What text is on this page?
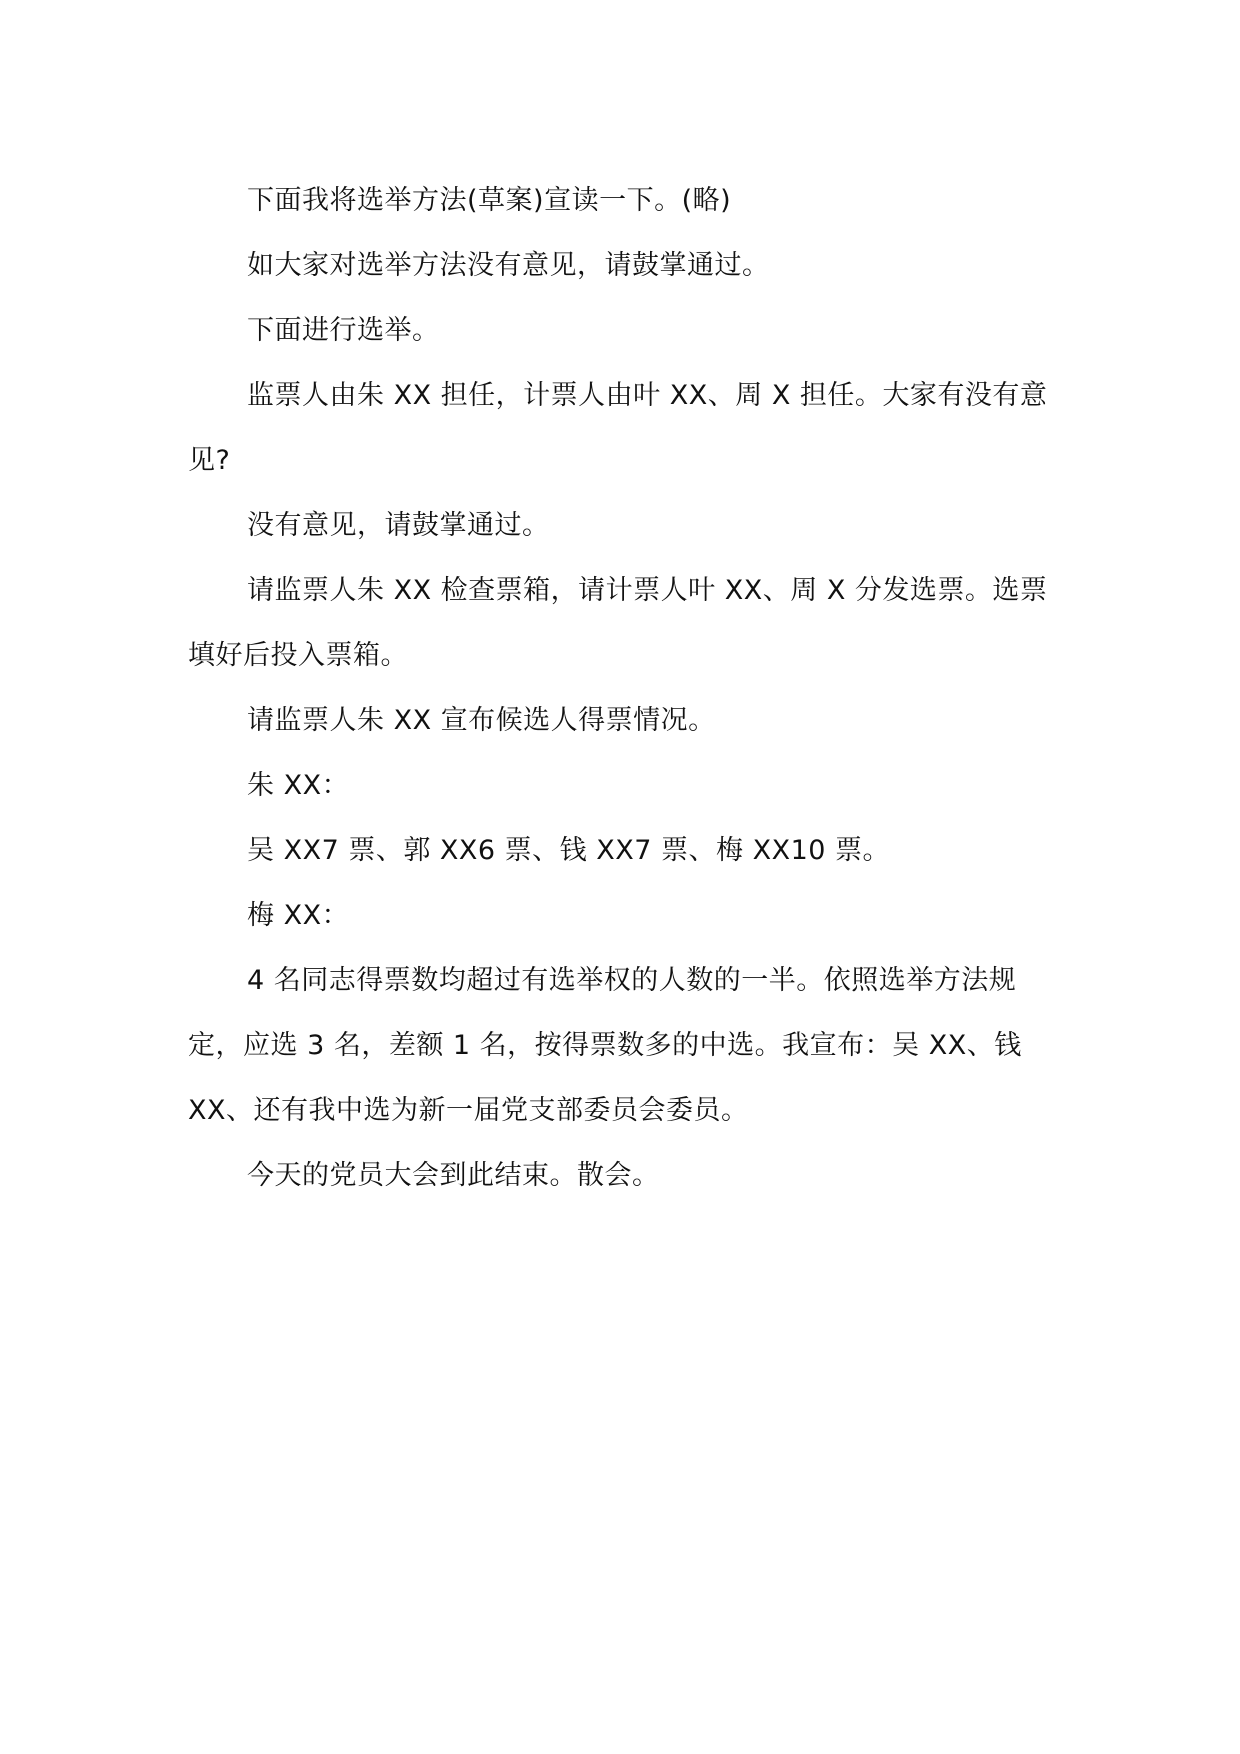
下面我将选举方法(草案)宣读一下。(略)

如大家对选举方法没有意见，请鼓掌通过。

下面进行选举。

监票人由朱 XX 担任，计票人由叶 XX、周 X 担任。大家有没有意见?

没有意见，请鼓掌通过。

请监票人朱 XX 检查票箱，请计票人叶 XX、周 X 分发选票。选票填好后投入票箱。

请监票人朱 XX 宣布候选人得票情况。

朱 XX：

吴 XX7 票、郭 XX6 票、钱 XX7 票、梅 XX10 票。

梅 XX：

4 名同志得票数均超过有选举权的人数的一半。依照选举方法规定，应选 3 名，差额 1 名，按得票数多的中选。我宣布：吴 XX、钱 XX、还有我中选为新一届党支部委员会委员。

今天的党员大会到此结束。散会。
